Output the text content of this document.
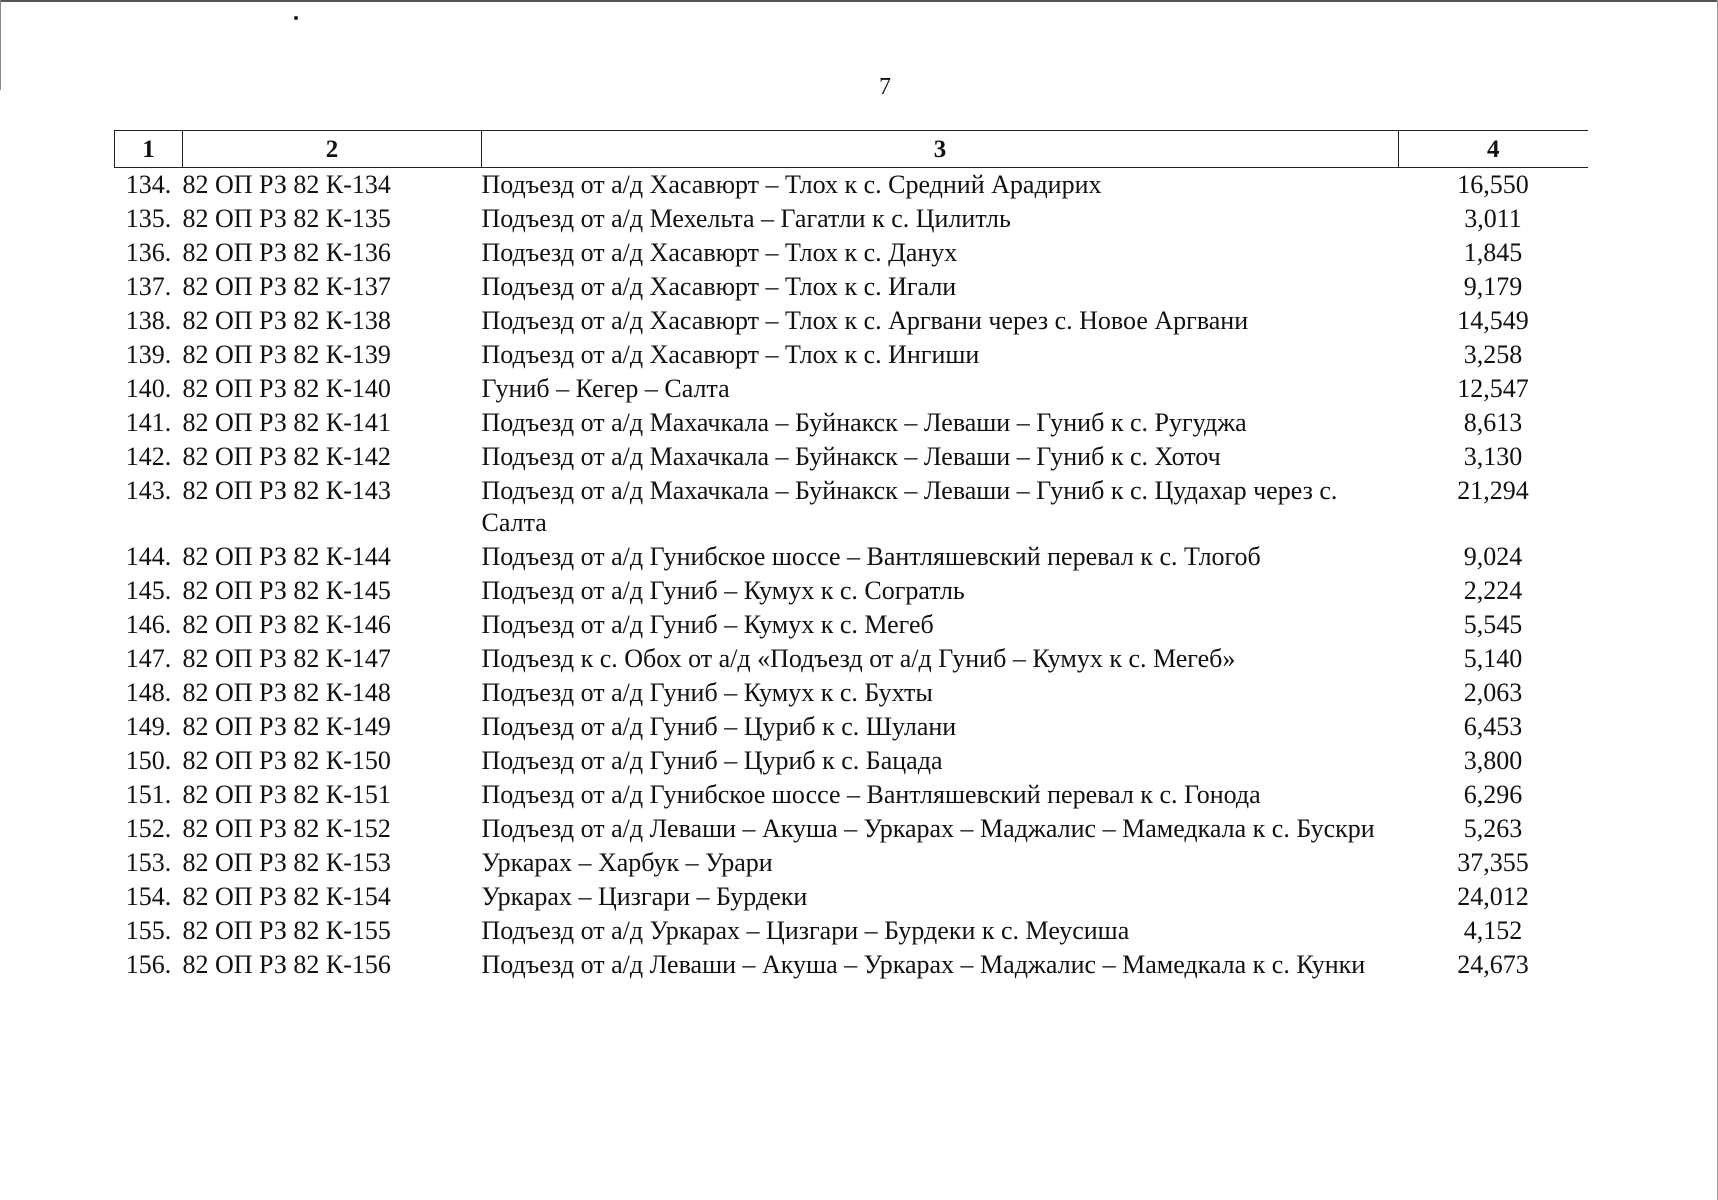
7
1	2	3	4
134.	82 ОП РЗ 82 К-134	Подъезд от а/д Хасавюрт – Тлох к с. Средний Арадирих	16,550
135.	82 ОП РЗ 82 К-135	Подъезд от а/д Мехельта – Гагатли к с. Цилитль	3,011
136.	82 ОП РЗ 82 К-136	Подъезд от а/д Хасавюрт – Тлох к с. Данух	1,845
137.	82 ОП РЗ 82 К-137	Подъезд от а/д Хасавюрт – Тлох к с. Игали	9,179
138.	82 ОП РЗ 82 К-138	Подъезд от а/д Хасавюрт – Тлох к с. Аргвани через с. Новое Аргвани	14,549
139.	82 ОП РЗ 82 К-139	Подъезд от а/д Хасавюрт – Тлох к с. Ингиши	3,258
140.	82 ОП РЗ 82 К-140	Гуниб – Кегер – Салта	12,547
141.	82 ОП РЗ 82 К-141	Подъезд от а/д Махачкала – Буйнакск – Леваши – Гуниб к с. Ругуджа	8,613
142.	82 ОП РЗ 82 К-142	Подъезд от а/д Махачкала – Буйнакск – Леваши – Гуниб к с. Хоточ	3,130
143.	82 ОП РЗ 82 К-143	Подъезд от а/д Махачкала – Буйнакск – Леваши – Гуниб к с. Цудахар через с. Салта	21,294
144.	82 ОП РЗ 82 К-144	Подъезд от а/д Гунибское шоссе – Вантляшевский перевал к с. Тлогоб	9,024
145.	82 ОП РЗ 82 К-145	Подъезд от а/д Гуниб – Кумух к с. Согратль	2,224
146.	82 ОП РЗ 82 К-146	Подъезд от а/д Гуниб – Кумух к с. Мегеб	5,545
147.	82 ОП РЗ 82 К-147	Подъезд к с. Обох от а/д «Подъезд от а/д Гуниб – Кумух к с. Мегеб»	5,140
148.	82 ОП РЗ 82 К-148	Подъезд от а/д Гуниб – Кумух к с. Бухты	2,063
149.	82 ОП РЗ 82 К-149	Подъезд от а/д Гуниб – Цуриб к с. Шулани	6,453
150.	82 ОП РЗ 82 К-150	Подъезд от а/д Гуниб – Цуриб к с. Бацада	3,800
151.	82 ОП РЗ 82 К-151	Подъезд от а/д Гунибское шоссе – Вантляшевский перевал к с. Гонода	6,296
152.	82 ОП РЗ 82 К-152	Подъезд от а/д Леваши – Акуша – Уркарах – Маджалис – Мамедкала к с. Бускри	5,263
153.	82 ОП РЗ 82 К-153	Уркарах – Харбук – Урари	37,355
154.	82 ОП РЗ 82 К-154	Уркарах – Цизгари – Бурдеки	24,012
155.	82 ОП РЗ 82 К-155	Подъезд от а/д Уркарах – Цизгари – Бурдеки к с. Меусиша	4,152
156.	82 ОП РЗ 82 К-156	Подъезд от а/д Леваши – Акуша – Уркарах – Маджалис – Мамедкала к с. Кунки	24,673
